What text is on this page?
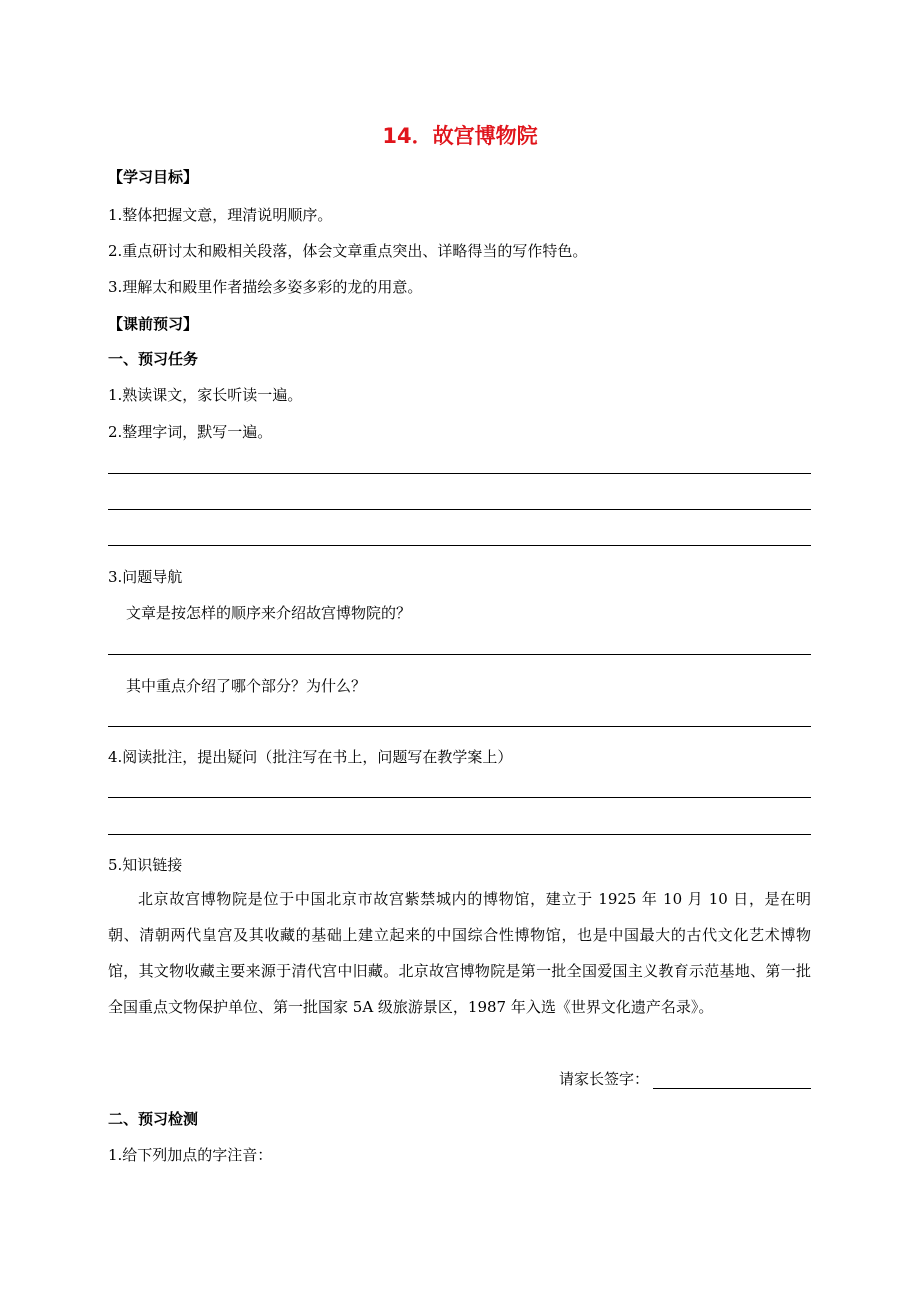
14．故宫博物院
【学习目标】
1.整体把握文意，理清说明顺序。
2.重点研讨太和殿相关段落，体会文章重点突出、详略得当的写作特色。
3.理解太和殿里作者描绘多姿多彩的龙的用意。
【课前预习】
一、预习任务
1.熟读课文，家长听读一遍。
2.整理字词，默写一遍。
3.问题导航
文章是按怎样的顺序来介绍故宫博物院的？
其中重点介绍了哪个部分？为什么？
4.阅读批注，提出疑问（批注写在书上，问题写在教学案上）
5.知识链接
北京故宫博物院是位于中国北京市故宫紫禁城内的博物馆，建立于 1925 年 10 月 10 日，是在明朝、清朝两代皇宫及其收藏的基础上建立起来的中国综合性博物馆，也是中国最大的古代文化艺术博物馆，其文物收藏主要来源于清代宫中旧藏。北京故宫博物院是第一批全国爱国主义教育示范基地、第一批全国重点文物保护单位、第一批国家 5A 级旅游景区，1987 年入选《世界文化遗产名录》。
请家长签字：
二、预习检测
1.给下列加点的字注音：
